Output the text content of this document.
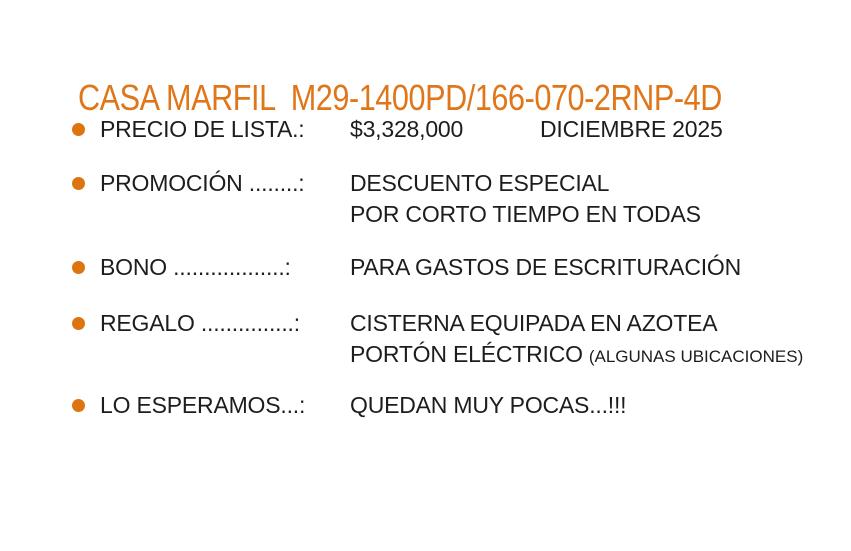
CASA MARFIL  M29-1400PD/166-070-2RNP-4D
PRECIO DE LISTA.:	$3,328,000	DICIEMBRE 2025
PROMOCIÓN ........:	DESCUENTO ESPECIAL
POR CORTO TIEMPO EN TODAS
BONO ..................:	PARA GASTOS DE ESCRITURACIÓN
REGALO ...............:	CISTERNA EQUIPADA EN AZOTEA
PORTÓN ELÉCTRICO (ALGUNAS UBICACIONES)
LO ESPERAMOS...:	QUEDAN MUY POCAS...!!!
